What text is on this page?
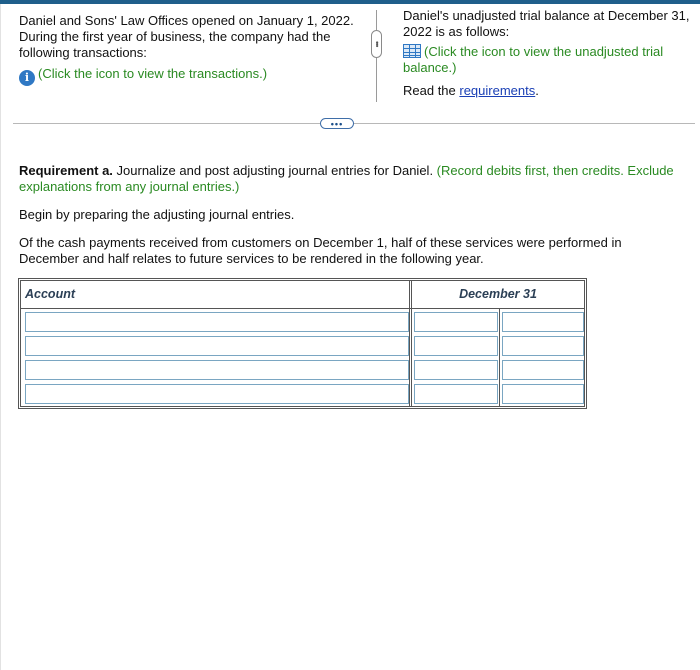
Daniel and Sons' Law Offices opened on January 1, 2022. During the first year of business, the company had the following transactions:
i (Click the icon to view the transactions.)
•••
Daniel's unadjusted trial balance at December 31, 2022 is as follows:
(Click the icon to view the unadjusted trial balance.)
Read the requirements.
•••

Requirement a. Journalize and post adjusting journal entries for Daniel. (Record debits first, then credits. Exclude explanations from any journal entries.)

Begin by preparing the adjusting journal entries.

Of the cash payments received from customers on December 1, half of these services were performed in December and half relates to future services to be rendered in the following year.

Account	December 31
